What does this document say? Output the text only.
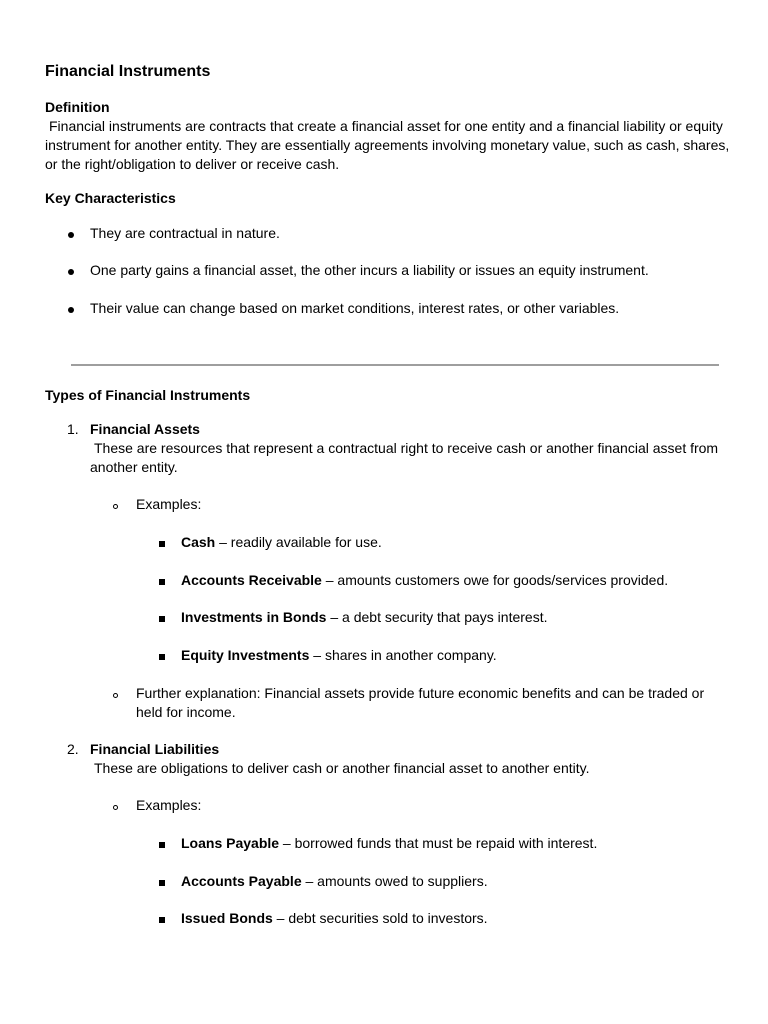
Financial Instruments
Definition
Financial instruments are contracts that create a financial asset for one entity and a financial liability or equity instrument for another entity. They are essentially agreements involving monetary value, such as cash, shares, or the right/obligation to deliver or receive cash.
Key Characteristics
They are contractual in nature.
One party gains a financial asset, the other incurs a liability or issues an equity instrument.
Their value can change based on market conditions, interest rates, or other variables.
Types of Financial Instruments
1. Financial Assets
These are resources that represent a contractual right to receive cash or another financial asset from another entity.
Examples:
Cash – readily available for use.
Accounts Receivable – amounts customers owe for goods/services provided.
Investments in Bonds – a debt security that pays interest.
Equity Investments – shares in another company.
Further explanation: Financial assets provide future economic benefits and can be traded or held for income.
2. Financial Liabilities
These are obligations to deliver cash or another financial asset to another entity.
Examples:
Loans Payable – borrowed funds that must be repaid with interest.
Accounts Payable – amounts owed to suppliers.
Issued Bonds – debt securities sold to investors.
